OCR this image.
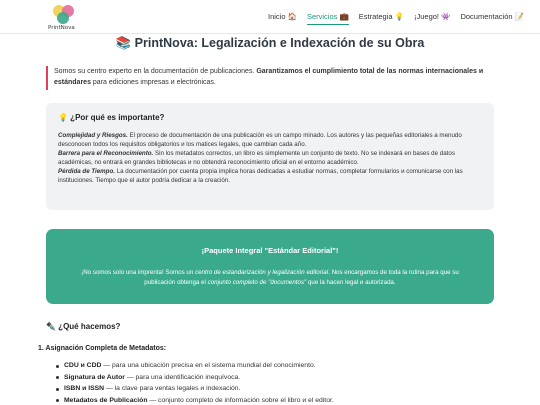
PrintNova
Inicio 🏠 Servicios 💼 Estrategia 💡 ¡Juego! 👾 Documentación 📝
📚 PrintNova: Legalización e Indexación de su Obra
Somos su centro experto en la documentación de publicaciones. Garantizamos el cumplimiento total de las normas internacionales и estándares para ediciones impresas и electrónicas.
💡 ¿Por qué es importante?
Complejidad y Riesgos. El proceso de documentación de una publicación es un campo minado. Los autores y las pequeñas editoriales a menudo desconocen todos los requisitos obligatorios и los matices legales, que cambian cada año.
Barrera para el Reconocimiento. Sin los metadatos correctos, un libro es simplemente un conjunto de texto. No se indexará en bases de datos académicas, no entrará en grandes bibliotecas и no obtendrá reconocimiento oficial en el entorno académico.
Pérdida de Tiempo. La documentación por cuenta propia implica horas dedicadas a estudiar normas, completar formularios и comunicarse con las instituciones. Tiempo que el autor podría dedicar a la creación.
¡Paquete Integral "Estándar Editorial"!
¡No somos solo una imprenta! Somos un centro de estandarización y legalización editorial. Nos encargamos de toda la rutina para que su publicación obtenga el conjunto completo de "documentos" que la hacen legal и autorizada.
✒️ ¿Qué hacemos?
1. Asignación Completa de Metadatos:
CDU и CDD — para una ubicación precisa en el sistema mundial del conocimiento.
Signatura de Autor — para una identificación inequívoca.
ISBN и ISSN — la clave para ventas legales и indexación.
Metadatos de Publicación — conjunto completo de información sobre el libro и el editor.
